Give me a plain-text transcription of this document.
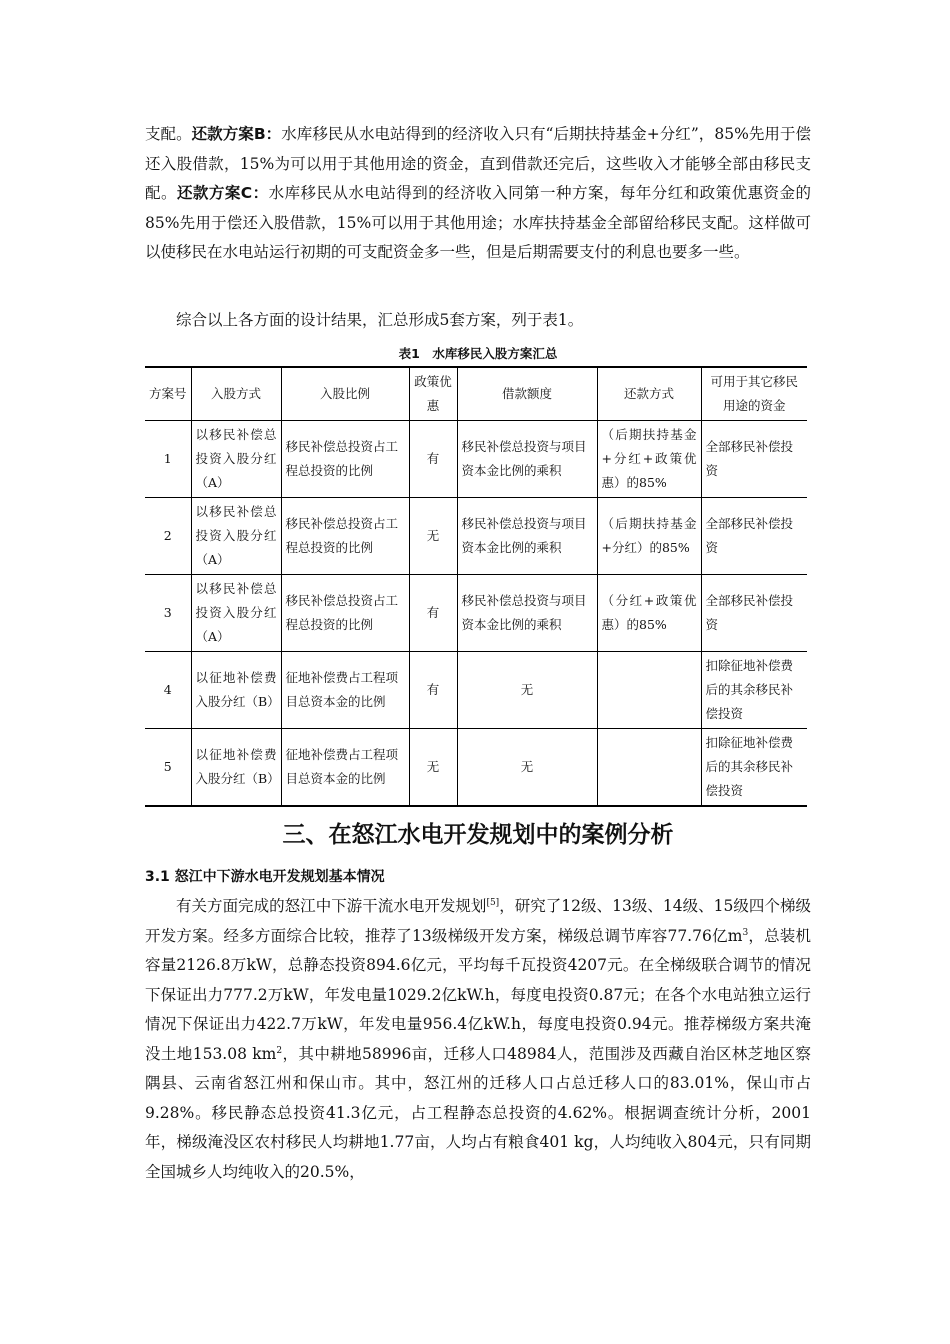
支配。还款方案B：水库移民从水电站得到的经济收入只有“后期扶持基金+分红”，85%先用于偿还入股借款，15%为可以用于其他用途的资金，直到借款还完后，这些收入才能够全部由移民支配。还款方案C：水库移民从水电站得到的经济收入同第一种方案，每年分红和政策优惠资金的85%先用于偿还入股借款，15%可以用于其他用途；水库扶持基金全部留给移民支配。这样做可以使移民在水电站运行初期的可支配资金多一些，但是后期需要支付的利息也要多一些。

综合以上各方面的设计结果，汇总形成5套方案，列于表1。

表1　水库移民入股方案汇总
方案号	入股方式	入股比例	政策优惠	借款额度	还款方式	可用于其它移民用途的资金
1	以移民补偿总投资入股分红（A）	移民补偿总投资占工程总投资的比例	有	移民补偿总投资与项目资本金比例的乘积	（后期扶持基金+分红+政策优惠）的85%	全部移民补偿投资
2	以移民补偿总投资入股分红（A）	移民补偿总投资占工程总投资的比例	无	移民补偿总投资与项目资本金比例的乘积	（后期扶持基金+分红）的85%	全部移民补偿投资
3	以移民补偿总投资入股分红（A）	移民补偿总投资占工程总投资的比例	有	移民补偿总投资与项目资本金比例的乘积	（分红+政策优惠）的85%	全部移民补偿投资
4	以征地补偿费入股分红（B）	征地补偿费占工程项目总资本金的比例	有	无		扣除征地补偿费后的其余移民补偿投资
5	以征地补偿费入股分红（B）	征地补偿费占工程项目总资本金的比例	无	无		扣除征地补偿费后的其余移民补偿投资
三、在怒江水电开发规划中的案例分析
3.1 怒江中下游水电开发规划基本情况

有关方面完成的怒江中下游干流水电开发规划[5]，研究了12级、13级、14级、15级四个梯级开发方案。经多方面综合比较，推荐了13级梯级开发方案，梯级总调节库容77.76亿$m^3$，总装机容量2126.8万kW，总静态投资894.6亿元，平均每千瓦投资4207元。在全梯级联合调节的情况下保证出力777.2万kW，年发电量1029.2亿kW.h，每度电投资0.87元；在各个水电站独立运行情况下保证出力422.7万kW，年发电量956.4亿kW.h，每度电投资0.94元。推荐梯级方案共淹没土地153.08 $km^2$，其中耕地58996亩，迁移人口48984人，范围涉及西藏自治区林芝地区察隅县、云南省怒江州和保山市。其中，怒江州的迁移人口占总迁移人口的83.01%，保山市占9.28%。移民静态总投资41.3亿元，占工程静态总投资的4.62%。根据调查统计分析，2001年，梯级淹没区农村移民人均耕地1.77亩，人均占有粮食401 kg，人均纯收入804元，只有同期全国城乡人均纯收入的20.5%，
